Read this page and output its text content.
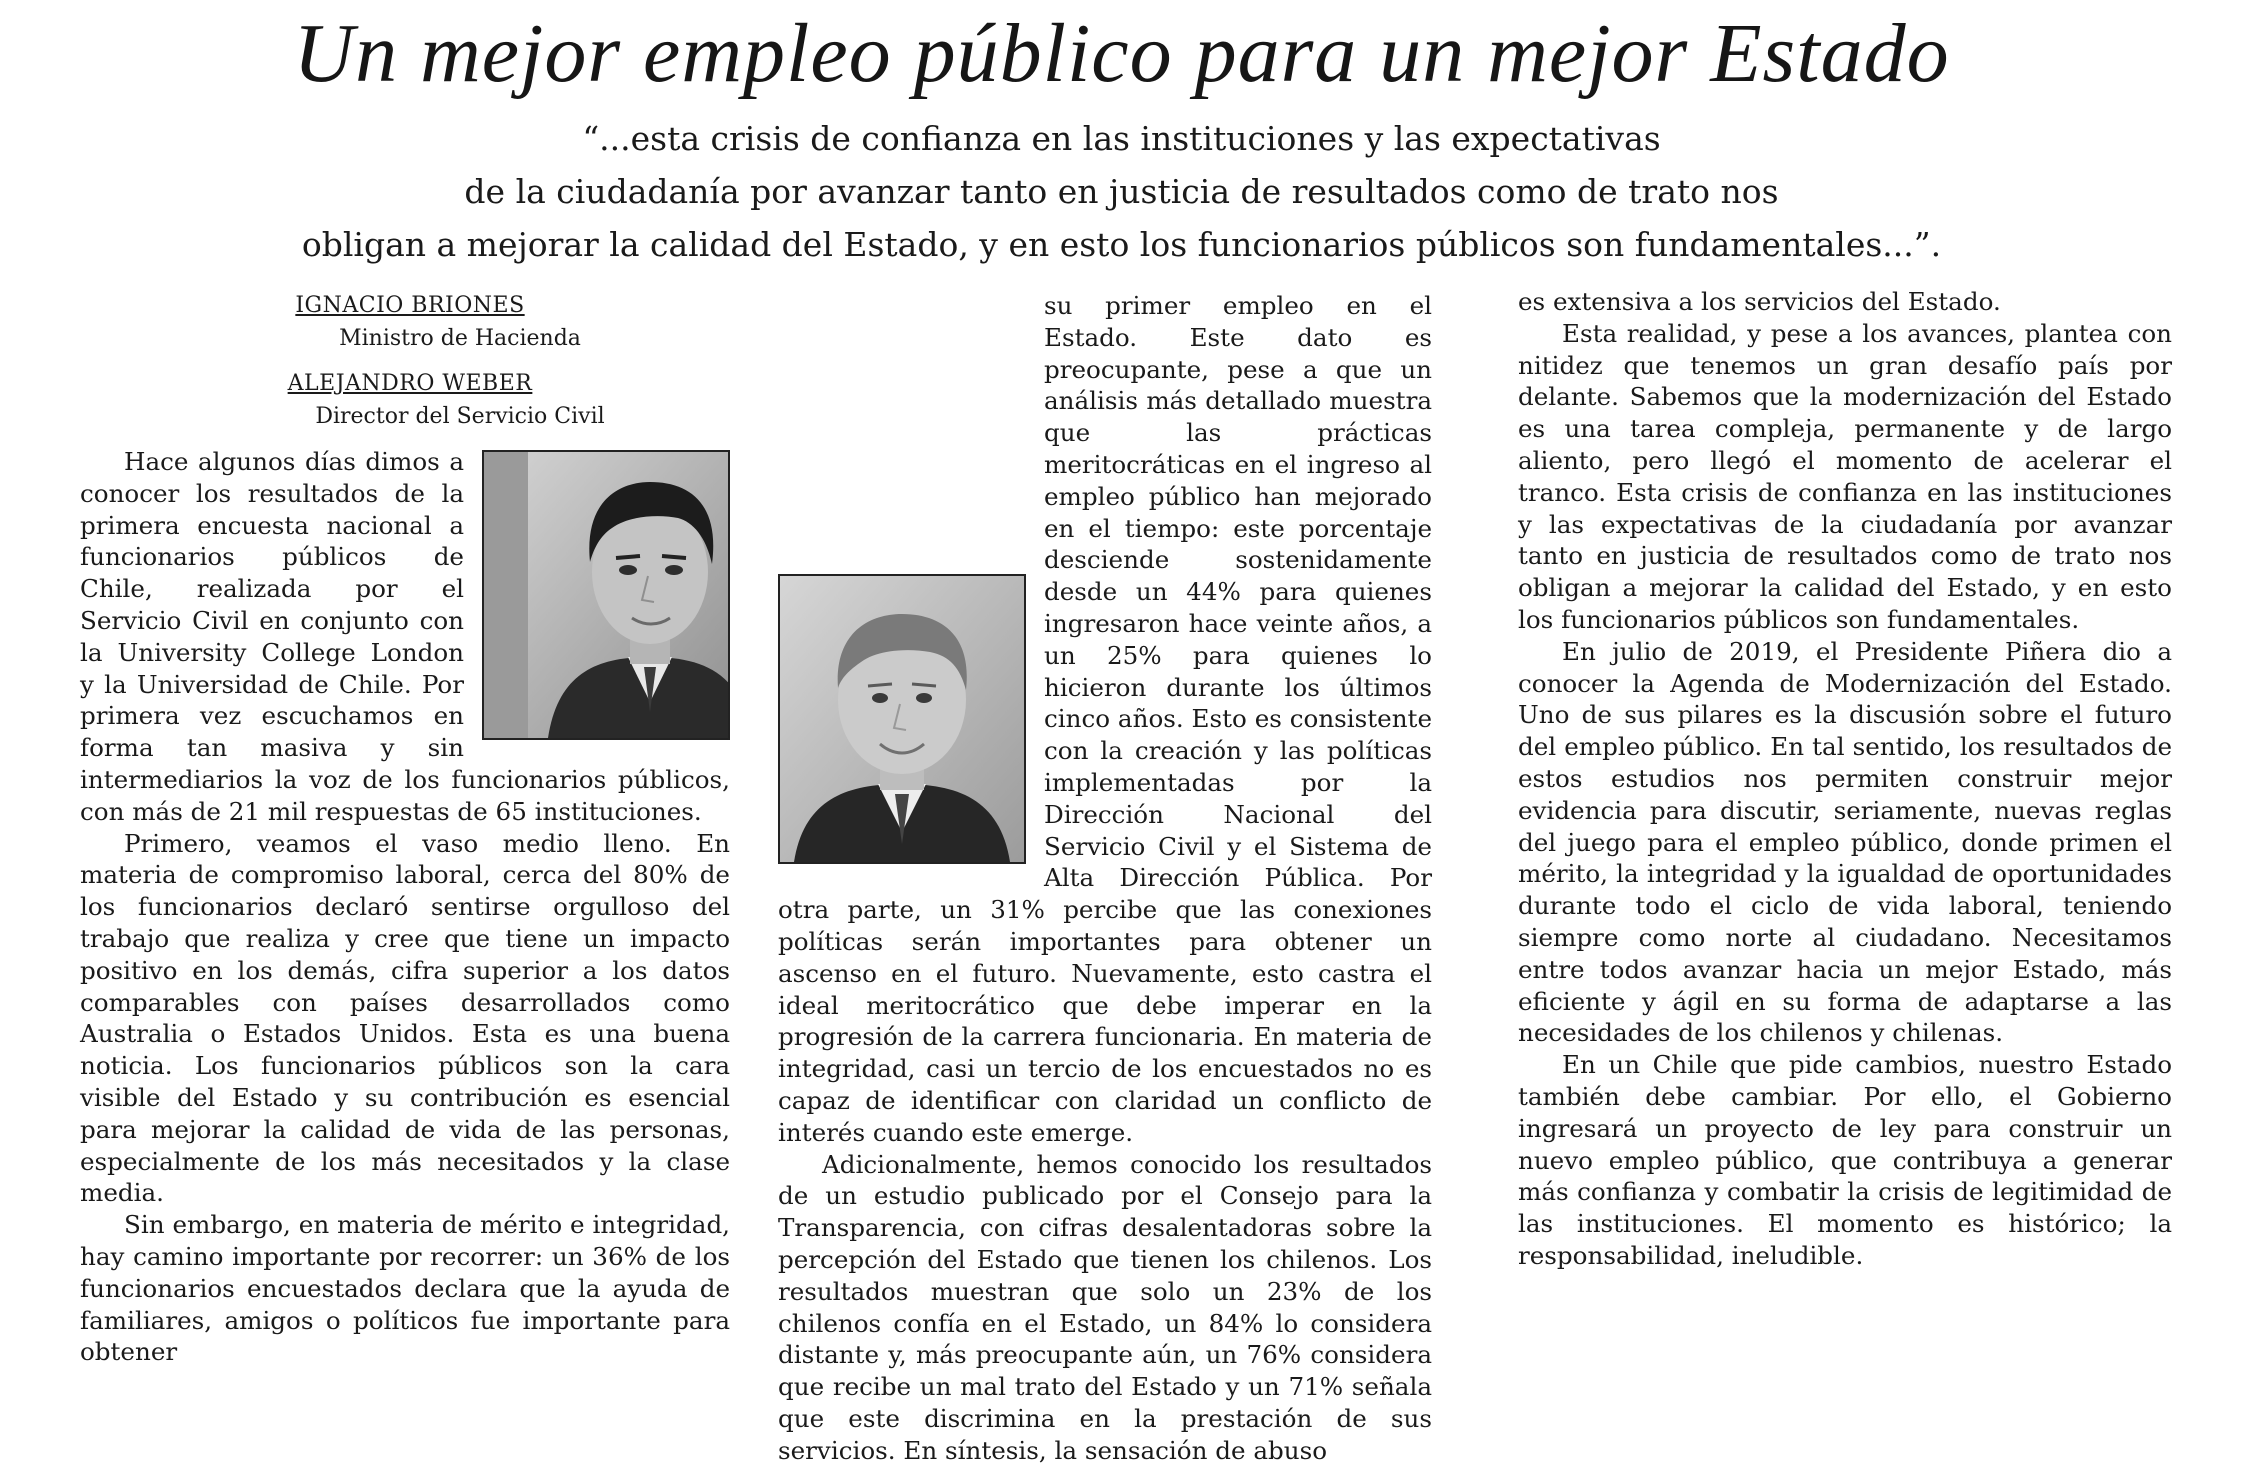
Un mejor empleo público para un mejor Estado
“...esta crisis de confianza en las instituciones y las expectativas
de la ciudadanía por avanzar tanto en justicia de resultados como de trato nos
obligan a mejorar la calidad del Estado, y en esto los funcionarios públicos son fundamentales...”.
IGNACIO BRIONES
Ministro de Hacienda
ALEJANDRO WEBER
Director del Servicio Civil

Hace algunos días dimos a conocer los resultados de la primera encuesta nacional a funcionarios públicos de Chile, realizada por el Servicio Civil en conjunto con la University College London y la Universidad de Chile. Por primera vez escuchamos en forma tan masiva y sin intermediarios la voz de los funcionarios públicos, con más de 21 mil respuestas de 65 instituciones.

Primero, veamos el vaso medio lleno. En materia de compromiso laboral, cerca del 80% de los funcionarios declaró sentirse orgulloso del trabajo que realiza y cree que tiene un impacto positivo en los demás, cifra superior a los datos comparables con países desarrollados como Australia o Estados Unidos. Esta es una buena noticia. Los funcionarios públicos son la cara visible del Estado y su contribución es esencial para mejorar la calidad de vida de las personas, especialmente de los más necesitados y la clase media.

Sin embargo, en materia de mérito e integridad, hay camino importante por recorrer: un 36% de los funcionarios encuestados declara que la ayuda de familiares, amigos o políticos fue importante para obtener

su primer empleo en el Estado. Este dato es preocupante, pese a que un análisis más detallado muestra que las prácticas meritocráticas en el ingreso al empleo público han mejorado en el tiempo: este porcentaje desciende sostenidamente desde un 44% para quienes ingresaron hace veinte años, a un 25% para quienes lo hicieron durante los últimos cinco años. Esto es consistente con la creación y las políticas implementadas por la Dirección Nacional del Servicio Civil y el Sistema de Alta Dirección Pública. Por otra parte, un 31% percibe que las conexiones políticas serán importantes para obtener un ascenso en el futuro. Nuevamente, esto castra el ideal meritocrático que debe imperar en la progresión de la carrera funcionaria. En materia de integridad, casi un tercio de los encuestados no es capaz de identificar con claridad un conflicto de interés cuando este emerge.

Adicionalmente, hemos conocido los resultados de un estudio publicado por el Consejo para la Transparencia, con cifras desalentadoras sobre la percepción del Estado que tienen los chilenos. Los resultados muestran que solo un 23% de los chilenos confía en el Estado, un 84% lo considera distante y, más preocupante aún, un 76% considera que recibe un mal trato del Estado y un 71% señala que este discrimina en la prestación de sus servicios. En síntesis, la sensación de abuso

es extensiva a los servicios del Estado.

Esta realidad, y pese a los avances, plantea con nitidez que tenemos un gran desafío país por delante. Sabemos que la modernización del Estado es una tarea compleja, permanente y de largo aliento, pero llegó el momento de acelerar el tranco. Esta crisis de confianza en las instituciones y las expectativas de la ciudadanía por avanzar tanto en justicia de resultados como de trato nos obligan a mejorar la calidad del Estado, y en esto los funcionarios públicos son fundamentales.

En julio de 2019, el Presidente Piñera dio a conocer la Agenda de Modernización del Estado. Uno de sus pilares es la discusión sobre el futuro del empleo público. En tal sentido, los resultados de estos estudios nos permiten construir mejor evidencia para discutir, seriamente, nuevas reglas del juego para el empleo público, donde primen el mérito, la integridad y la igualdad de oportunidades durante todo el ciclo de vida laboral, teniendo siempre como norte al ciudadano. Necesitamos entre todos avanzar hacia un mejor Estado, más eficiente y ágil en su forma de adaptarse a las necesidades de los chilenos y chilenas.

En un Chile que pide cambios, nuestro Estado también debe cambiar. Por ello, el Gobierno ingresará un proyecto de ley para construir un nuevo empleo público, que contribuya a generar más confianza y combatir la crisis de legitimidad de las instituciones. El momento es histórico; la responsabilidad, ineludible.
